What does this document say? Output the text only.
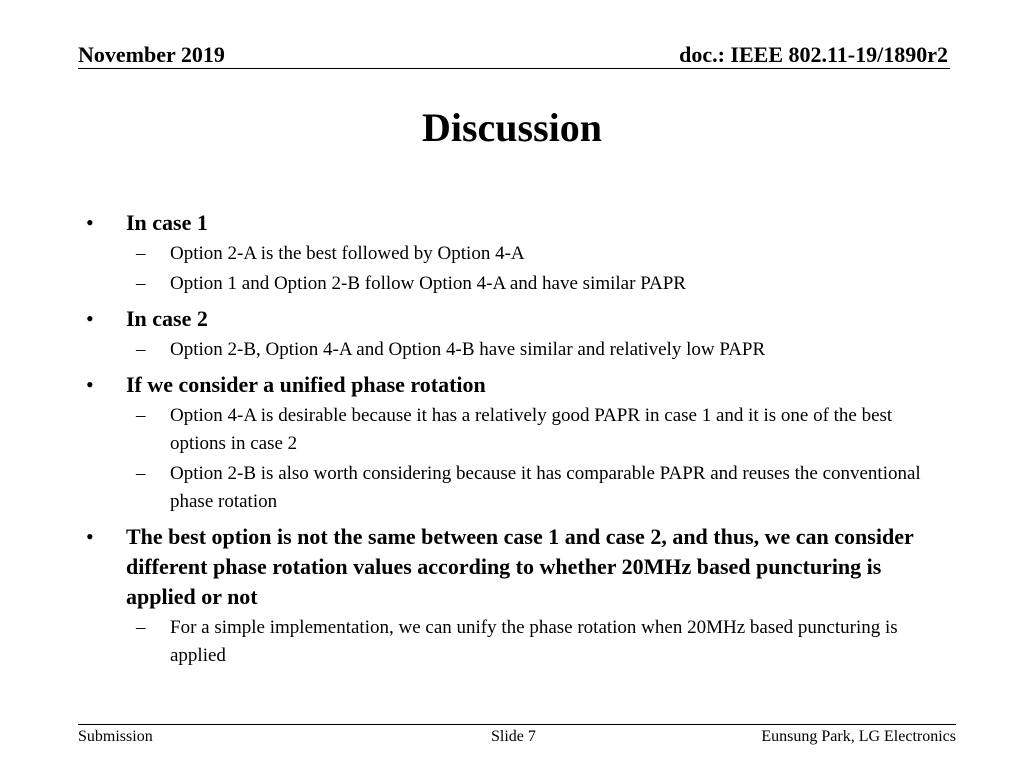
November 2019	doc.: IEEE 802.11-19/1890r2
Discussion
• In case 1
– Option 2-A is the best followed by Option 4-A
– Option 1 and Option 2-B follow Option 4-A and have similar PAPR
• In case 2
– Option 2-B, Option 4-A and Option 4-B have similar and relatively low PAPR
• If we consider a unified phase rotation
– Option 4-A is desirable because it has a relatively good PAPR in case 1 and it is one of the best options in case 2
– Option 2-B is also worth considering because it has comparable PAPR and reuses the conventional phase rotation
• The best option is not the same between case 1 and case 2, and thus, we can consider different phase rotation values according to whether 20MHz based puncturing is applied or not
– For a simple implementation, we can unify the phase rotation when 20MHz based puncturing is applied
Submission	Slide 7	Eunsung Park, LG Electronics
